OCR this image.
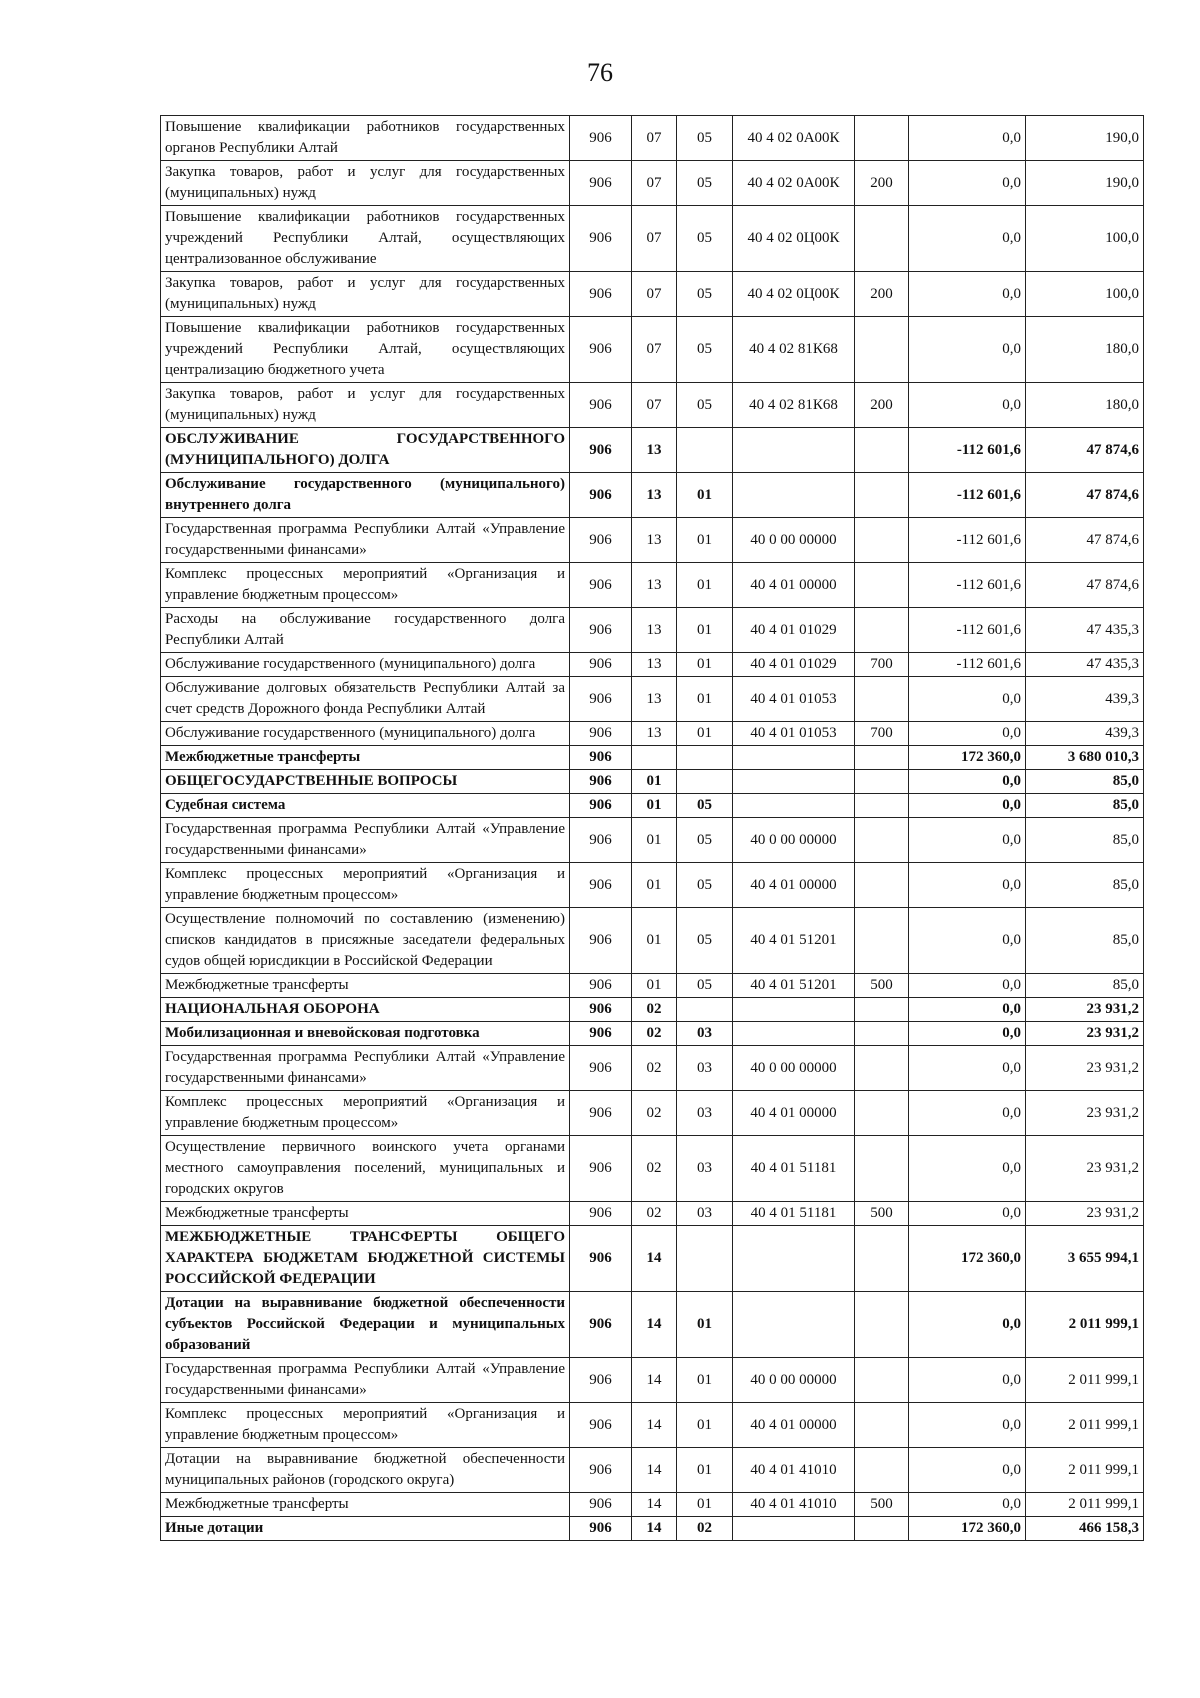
76
Повышение квалификации работников государственных органов Республики Алтай	906	07	05	40 4 02 0А00К		0,0	190,0
Закупка товаров, работ и услуг для государственных (муниципальных) нужд	906	07	05	40 4 02 0А00К	200	0,0	190,0
Повышение квалификации работников государственных учреждений Республики Алтай, осуществляющих централизованное обслуживание	906	07	05	40 4 02 0Ц00К		0,0	100,0
Закупка товаров, работ и услуг для государственных (муниципальных) нужд	906	07	05	40 4 02 0Ц00К	200	0,0	100,0
Повышение квалификации работников государственных учреждений Республики Алтай, осуществляющих централизацию бюджетного учета	906	07	05	40 4 02 81К68		0,0	180,0
Закупка товаров, работ и услуг для государственных (муниципальных) нужд	906	07	05	40 4 02 81К68	200	0,0	180,0
ОБСЛУЖИВАНИЕ ГОСУДАРСТВЕННОГО (МУНИЦИПАЛЬНОГО) ДОЛГА	906	13				-112 601,6	47 874,6
Обслуживание государственного (муниципального) внутреннего долга	906	13	01			-112 601,6	47 874,6
Государственная программа Республики Алтай «Управление государственными финансами»	906	13	01	40 0 00 00000		-112 601,6	47 874,6
Комплекс процессных мероприятий «Организация и управление бюджетным процессом»	906	13	01	40 4 01 00000		-112 601,6	47 874,6
Расходы на обслуживание государственного долга Республики Алтай	906	13	01	40 4 01 01029		-112 601,6	47 435,3
Обслуживание государственного (муниципального) долга	906	13	01	40 4 01 01029	700	-112 601,6	47 435,3
Обслуживание долговых обязательств Республики Алтай за счет средств Дорожного фонда Республики Алтай	906	13	01	40 4 01 01053		0,0	439,3
Обслуживание государственного (муниципального) долга	906	13	01	40 4 01 01053	700	0,0	439,3
Межбюджетные трансферты	906					172 360,0	3 680 010,3
ОБЩЕГОСУДАРСТВЕННЫЕ ВОПРОСЫ	906	01				0,0	85,0
Судебная система	906	01	05			0,0	85,0
Государственная программа Республики Алтай «Управление государственными финансами»	906	01	05	40 0 00 00000		0,0	85,0
Комплекс процессных мероприятий «Организация и управление бюджетным процессом»	906	01	05	40 4 01 00000		0,0	85,0
Осуществление полномочий по составлению (изменению) списков кандидатов в присяжные заседатели федеральных судов общей юрисдикции в Российской Федерации	906	01	05	40 4 01 51201		0,0	85,0
Межбюджетные трансферты	906	01	05	40 4 01 51201	500	0,0	85,0
НАЦИОНАЛЬНАЯ ОБОРОНА	906	02				0,0	23 931,2
Мобилизационная и вневойсковая подготовка	906	02	03			0,0	23 931,2
Государственная программа Республики Алтай «Управление государственными финансами»	906	02	03	40 0 00 00000		0,0	23 931,2
Комплекс процессных мероприятий «Организация и управление бюджетным процессом»	906	02	03	40 4 01 00000		0,0	23 931,2
Осуществление первичного воинского учета органами местного самоуправления поселений, муниципальных и городских округов	906	02	03	40 4 01 51181		0,0	23 931,2
Межбюджетные трансферты	906	02	03	40 4 01 51181	500	0,0	23 931,2
МЕЖБЮДЖЕТНЫЕ ТРАНСФЕРТЫ ОБЩЕГО ХАРАКТЕРА БЮДЖЕТАМ БЮДЖЕТНОЙ СИСТЕМЫ РОССИЙСКОЙ ФЕДЕРАЦИИ	906	14				172 360,0	3 655 994,1
Дотации на выравнивание бюджетной обеспеченности субъектов Российской Федерации и муниципальных образований	906	14	01			0,0	2 011 999,1
Государственная программа Республики Алтай «Управление государственными финансами»	906	14	01	40 0 00 00000		0,0	2 011 999,1
Комплекс процессных мероприятий «Организация и управление бюджетным процессом»	906	14	01	40 4 01 00000		0,0	2 011 999,1
Дотации на выравнивание бюджетной обеспеченности муниципальных районов (городского округа)	906	14	01	40 4 01 41010		0,0	2 011 999,1
Межбюджетные трансферты	906	14	01	40 4 01 41010	500	0,0	2 011 999,1
Иные дотации	906	14	02			172 360,0	466 158,3
